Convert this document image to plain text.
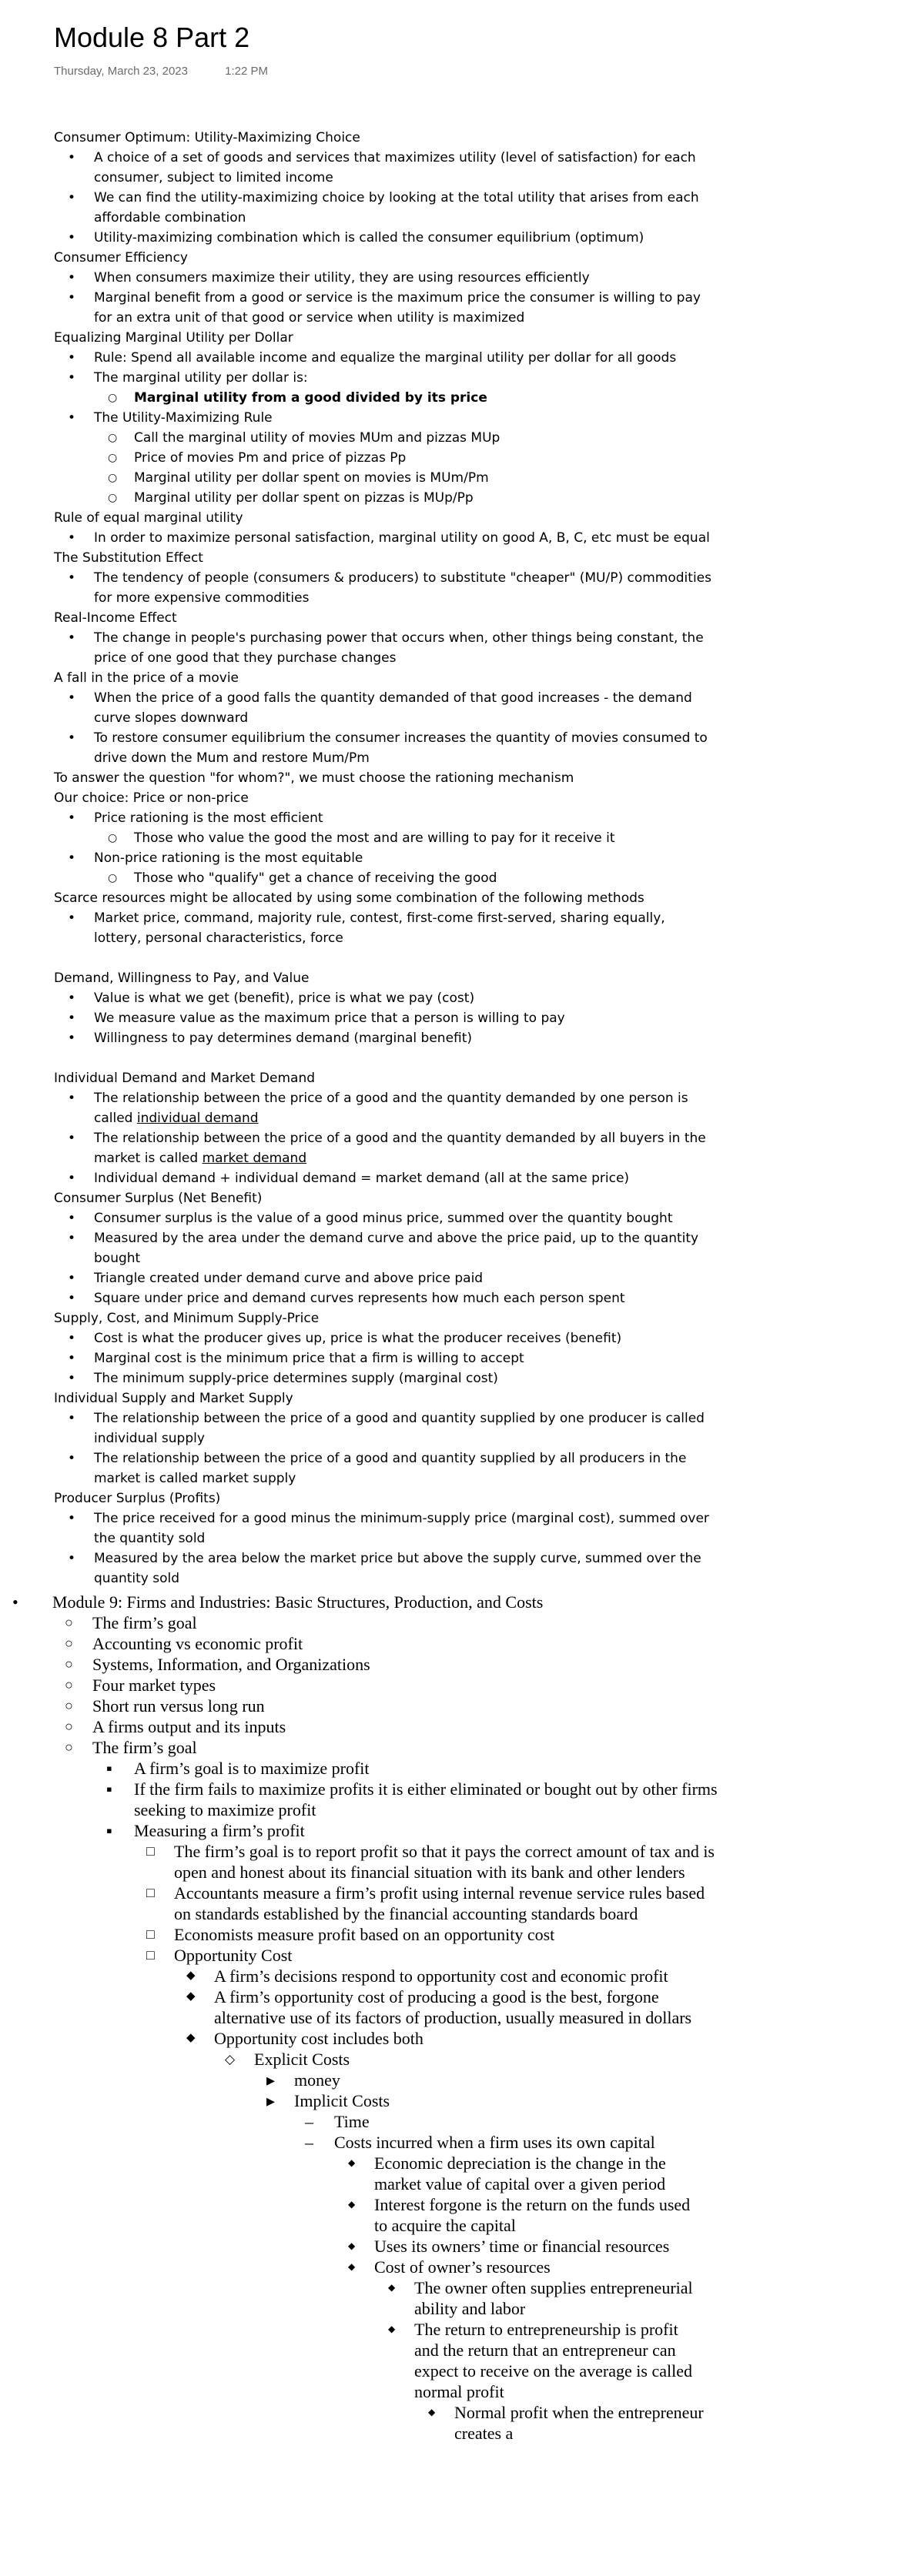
Module 8 Part 2
Thursday, March 23, 2023	1:22 PM

Consumer Optimum: Utility-Maximizing Choice

• A choice of a set of goods and services that maximizes utility (level of satisfaction) for each consumer, subject to limited income
• We can find the utility-maximizing choice by looking at the total utility that arises from each affordable combination
• Utility-maximizing combination which is called the consumer equilibrium (optimum)

Consumer Efficiency

• When consumers maximize their utility, they are using resources efficiently
• Marginal benefit from a good or service is the maximum price the consumer is willing to pay for an extra unit of that good or service when utility is maximized

Equalizing Marginal Utility per Dollar

• Rule: Spend all available income and equalize the marginal utility per dollar for all goods
• The marginal utility per dollar is:
○ Marginal utility from a good divided by its price
• The Utility-Maximizing Rule
○ Call the marginal utility of movies MUm and pizzas MUp
○ Price of movies Pm and price of pizzas Pp
○ Marginal utility per dollar spent on movies is MUm/Pm
○ Marginal utility per dollar spent on pizzas is MUp/Pp

Rule of equal marginal utility

• In order to maximize personal satisfaction, marginal utility on good A, B, C, etc must be equal

The Substitution Effect

• The tendency of people (consumers & producers) to substitute "cheaper" (MU/P) commodities for more expensive commodities

Real-Income Effect

• The change in people's purchasing power that occurs when, other things being constant, the price of one good that they purchase changes

A fall in the price of a movie

• When the price of a good falls the quantity demanded of that good increases - the demand curve slopes downward
• To restore consumer equilibrium the consumer increases the quantity of movies consumed to drive down the Mum and restore Mum/Pm

To answer the question "for whom?", we must choose the rationing mechanism

Our choice: Price or non-price

• Price rationing is the most efficient
○ Those who value the good the most and are willing to pay for it receive it
• Non-price rationing is the most equitable
○ Those who "qualify" get a chance of receiving the good

Scarce resources might be allocated by using some combination of the following methods

• Market price, command, majority rule, contest, first-come first-served, sharing equally, lottery, personal characteristics, force

Demand, Willingness to Pay, and Value

• Value is what we get (benefit), price is what we pay (cost)
• We measure value as the maximum price that a person is willing to pay
• Willingness to pay determines demand (marginal benefit)

Individual Demand and Market Demand

• The relationship between the price of a good and the quantity demanded by one person is called individual demand
• The relationship between the price of a good and the quantity demanded by all buyers in the market is called market demand
• Individual demand + individual demand = market demand (all at the same price)

Consumer Surplus (Net Benefit)

• Consumer surplus is the value of a good minus price, summed over the quantity bought
• Measured by the area under the demand curve and above the price paid, up to the quantity bought
• Triangle created under demand curve and above price paid
• Square under price and demand curves represents how much each person spent

Supply, Cost, and Minimum Supply-Price

• Cost is what the producer gives up, price is what the producer receives (benefit)
• Marginal cost is the minimum price that a firm is willing to accept
• The minimum supply-price determines supply (marginal cost)

Individual Supply and Market Supply

• The relationship between the price of a good and quantity supplied by one producer is called individual supply
• The relationship between the price of a good and quantity supplied by all producers in the market is called market supply

Producer Surplus (Profits)

• The price received for a good minus the minimum-supply price (marginal cost), summed over the quantity sold
• Measured by the area below the market price but above the supply curve, summed over the quantity sold
• Module 9: Firms and Industries: Basic Structures, Production, and Costs
○ The firm’s goal
○ Accounting vs economic profit
○ Systems, Information, and Organizations
○ Four market types
○ Short run versus long run
○ A firms output and its inputs
○ The firm’s goal
▪ A firm’s goal is to maximize profit
▪ If the firm fails to maximize profits it is either eliminated or bought out by other firms seeking to maximize profit
▪ Measuring a firm’s profit
□ The firm’s goal is to report profit so that it pays the correct amount of tax and is open and honest about its financial situation with its bank and other lenders
□ Accountants measure a firm’s profit using internal revenue service rules based on standards established by the financial accounting standards board
□ Economists measure profit based on an opportunity cost
□ Opportunity Cost
◆ A firm’s decisions respond to opportunity cost and economic profit
◆ A firm’s opportunity cost of producing a good is the best, forgone alternative use of its factors of production, usually measured in dollars
◆ Opportunity cost includes both
◇ Explicit Costs
▸ money
▸ Implicit Costs
– Time
– Costs incurred when a firm uses its own capital
◆ Economic depreciation is the change in the market value of capital over a given period
◆ Interest forgone is the return on the funds used to acquire the capital
◆ Uses its owners’ time or financial resources
◆ Cost of owner’s resources
◆ The owner often supplies entrepreneurial ability and labor
◆ The return to entrepreneurship is profit and the return that an entrepreneur can expect to receive on the average is called normal profit
◆ Normal profit when the entrepreneur creates a
